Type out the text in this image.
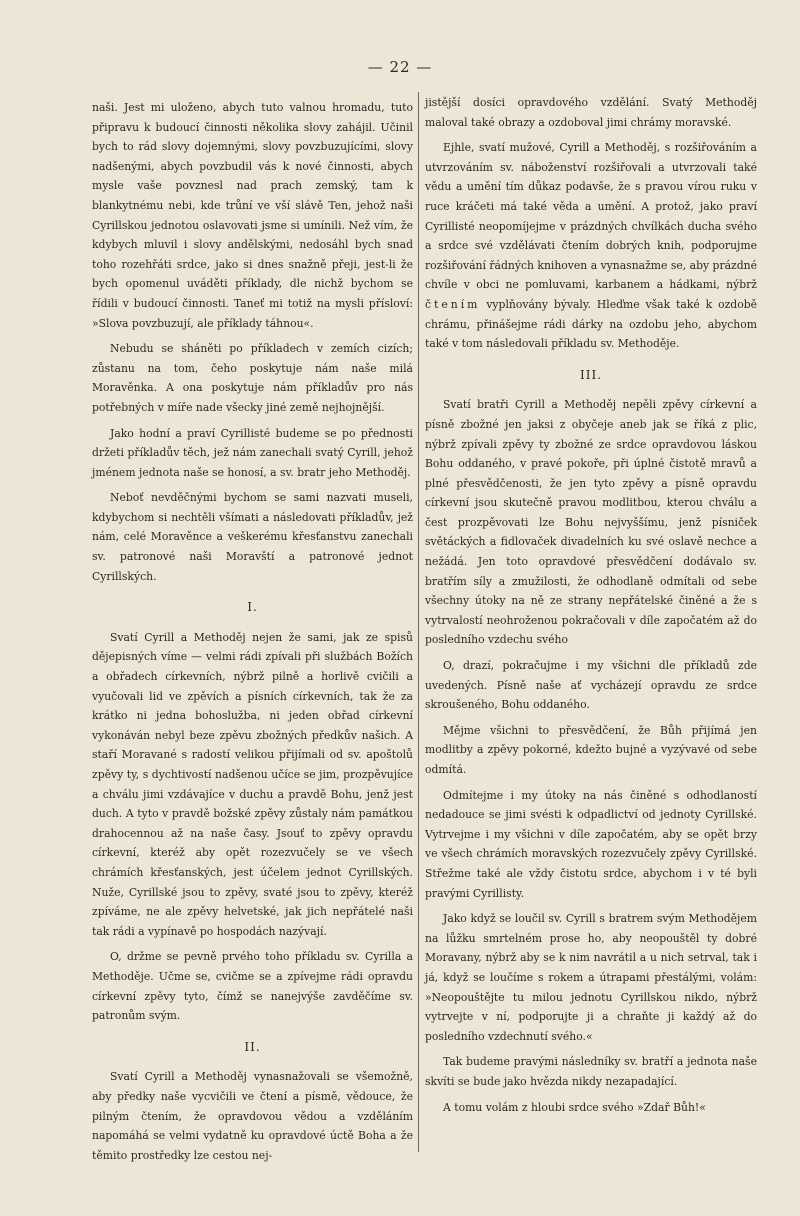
— 22 —

naši. Jest mi uloženo, abych tuto valnou hromadu, tuto připravu k budoucí činnosti několika slovy zahájil. Učinil bych to rád slovy dojemnými, slovy povzbuzujícími, slovy nadšenými, abych povzbudil vás k nové činnosti, abych mysle vaše povznesl nad prach zemský, tam k blankytnému nebi, kde trůní ve vší slávě Ten, jehož naši Cyrillskou jednotou oslavovati jsme si umínili. Než vím, že kdybych mluvil i slovy andělskými, nedosáhl bych snad toho rozehřáti srdce, jako si dnes snažně přeji, jest-li že bych opomenul uváděti příklady, dle nichž bychom se řídili v budoucí činnosti. Taneť mi totiž na mysli přísloví: »Slova povzbuzují, ale příklady táhnou«.

Nebudu se sháněti po příkladech v zemích cizích; zůstanu na tom, čeho poskytuje nám naše milá Moravěnka. A ona poskytuje nám příkladův pro nás potřebných v míře nade všecky jiné země nejhojnější.

Jako hodní a praví Cyrillisté budeme se po přednosti držeti příkladův těch, jež nám zanechali svatý Cyrill, jehož jménem jednota naše se honosí, a sv. bratr jeho Methoděj.

Neboť nevděčnými bychom se sami nazvati museli, kdybychom si nechtěli všímati a následovati příkladův, jež nám, celé Moravěnce a veškerému křesťanstvu zanechali sv. patronové naši Moravští a patronové jednot Cyrillských.

I.

Svatí Cyrill a Methoděj nejen že sami, jak ze spisů dějepisných víme — velmi rádi zpívali při službách Božích a obřadech církevních, nýbrž pilně a horlivě cvičili a vyučovali lid ve zpěvích a písních církevních, tak že za krátko ni jedna bohoslužba, ni jeden obřad církevní vykonáván nebyl beze zpěvu zbožných předkův našich. A staří Moravané s radostí velikou přijímali od sv. apoštolů zpěvy ty, s dychtivostí nadšenou učíce se jim, prozpěvujíce a chválu jimi vzdávajíce v duchu a pravdě Bohu, jenž jest duch. A tyto v pravdě božské zpěvy zůstaly nám památkou drahocennou až na naše časy. Jsouť to zpěvy opravdu církevní, kteréž aby opět rozezvučely se ve všech chrámích křesťanských, jest účelem jednot Cyrillských. Nuže, Cyrillské jsou to zpěvy, svaté jsou to zpěvy, kteréž zpíváme, ne ale zpěvy helvetské, jak jich nepřátelé naši tak rádi a vypínavě po hospodách nazývají.

O, držme se pevně prvého toho příkladu sv. Cyrilla a Methoděje. Učme se, cvičme se a zpívejme rádi opravdu církevní zpěvy tyto, čímž se nanejvýše zavděčíme sv. patronům svým.

II.

Svatí Cyrill a Methoděj vynasnažovali se všemožně, aby předky naše vycvičili ve čtení a písmě, vědouce, že pilným čtením, že opravdovou vědou a vzděláním napomáhá se velmi vydatně ku opravdové úctě Boha a že těmito prostředky lze cestou nej-

jistější dosíci opravdového vzdělání. Svatý Methoděj maloval také obrazy a ozdoboval jimi chrámy moravské.

Ejhle, svatí mužové, Cyrill a Methoděj, s rozšiřováním a utvrzováním sv. náboženství rozšiřovali a utvrzovali také vědu a umění tím důkaz podavše, že s pravou vírou ruku v ruce kráčeti má také věda a umění. A protož, jako praví Cyrillisté neopomíjejme v prázdných chvílkách ducha svého a srdce své vzdělávati čtením dobrých knih, podporujme rozšiřování řádných knihoven a vynasnažme se, aby prázdné chvíle v obci ne pomluvami, karbanem a hádkami, nýbrž čtením vyplňovány bývaly. Hleďme však také k ozdobě chrámu, přinášejme rádi dárky na ozdobu jeho, abychom také v tom následovali příkladu sv. Methoděje.

III.

Svatí bratři Cyrill a Methoděj nepěli zpěvy církevní a písně zbožné jen jaksi z obyčeje aneb jak se říká z plic, nýbrž zpívali zpěvy ty zbožné ze srdce opravdovou láskou Bohu oddaného, v pravé pokoře, při úplné čistotě mravů a plné přesvědčenosti, že jen tyto zpěvy a písně opravdu církevní jsou skutečně pravou modlitbou, kterou chválu a čest prozpěvovati lze Bohu nejvyššímu, jenž písniček světáckých a fidlovaček divadelních ku své oslavě nechce a nežádá. Jen toto opravdové přesvědčení dodávalo sv. bratřím síly a zmužilosti, že odhodlaně odmítali od sebe všechny útoky na ně ze strany nepřátelské činěné a že s vytrvalostí neohroženou pokračovali v díle započatém až do posledního vzdechu svého

O, drazí, pokračujme i my všichni dle příkladů zde uvedených. Písně naše ať vycházejí opravdu ze srdce skroušeného, Bohu oddaného.

Mějme všichni to přesvědčení, že Bůh přijímá jen modlitby a zpěvy pokorné, kdežto bujné a vyzývavé od sebe odmítá.

Odmítejme i my útoky na nás činěné s odhodlaností nedadouce se jimi svésti k odpadlictví od jednoty Cyrillské. Vytrvejme i my všichni v díle započatém, aby se opět brzy ve všech chrámích moravských rozezvučely zpěvy Cyrillské. Střežme také ale vždy čistotu srdce, abychom i v té byli pravými Cyrillisty.

Jako když se loučil sv. Cyrill s bratrem svým Methodějem na lůžku smrtelném prose ho, aby neopouštěl ty dobré Moravany, nýbrž aby se k nim navrátil a u nich setrval, tak i já, když se loučíme s rokem a útrapami přestálými, volám: »Neopouštějte tu milou jednotu Cyrillskou nikdo, nýbrž vytrvejte v ní, podporujte ji a chraňte ji každý až do posledního vzdechnutí svého.«

Tak budeme pravými následníky sv. bratří a jednota naše skvíti se bude jako hvězda nikdy nezapadající.

A tomu volám z hloubi srdce svého »Zdař Bůh!«
